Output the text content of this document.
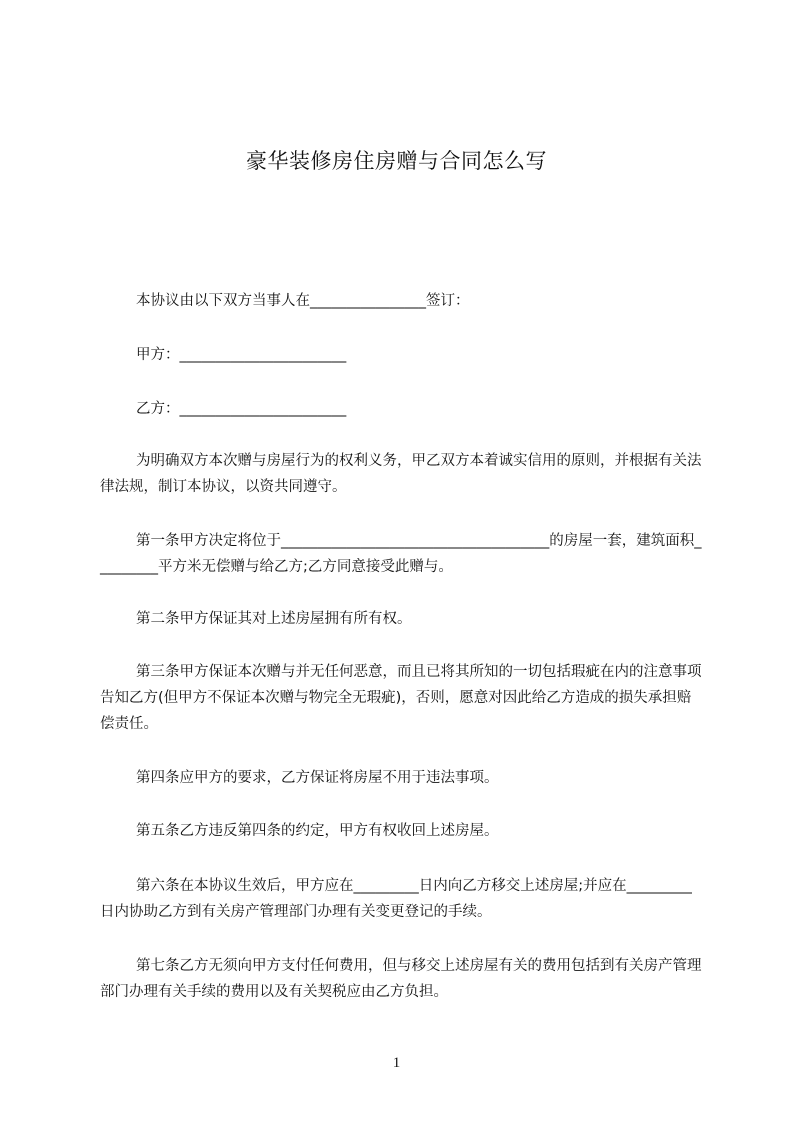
豪华装修房住房赠与合同怎么写

本协议由以下双方当事人在________________签订：

甲方：_______________________

乙方：_______________________

为明确双方本次赠与房屋行为的权利义务，甲乙双方本着诚实信用的原则，并根据有关法律法规，制订本协议，以资共同遵守。

第一条甲方决定将位于_____________________________________的房屋一套，建筑面积_________平方米无偿赠与给乙方;乙方同意接受此赠与。

第二条甲方保证其对上述房屋拥有所有权。

第三条甲方保证本次赠与并无任何恶意，而且已将其所知的一切包括瑕疵在内的注意事项告知乙方(但甲方不保证本次赠与物完全无瑕疵)，否则，愿意对因此给乙方造成的损失承担赔偿责任。

第四条应甲方的要求，乙方保证将房屋不用于违法事项。

第五条乙方违反第四条的约定，甲方有权收回上述房屋。

第六条在本协议生效后，甲方应在_________日内向乙方移交上述房屋;并应在_________日内协助乙方到有关房产管理部门办理有关变更登记的手续。

第七条乙方无须向甲方支付任何费用，但与移交上述房屋有关的费用包括到有关房产管理部门办理有关手续的费用以及有关契税应由乙方负担。

1
